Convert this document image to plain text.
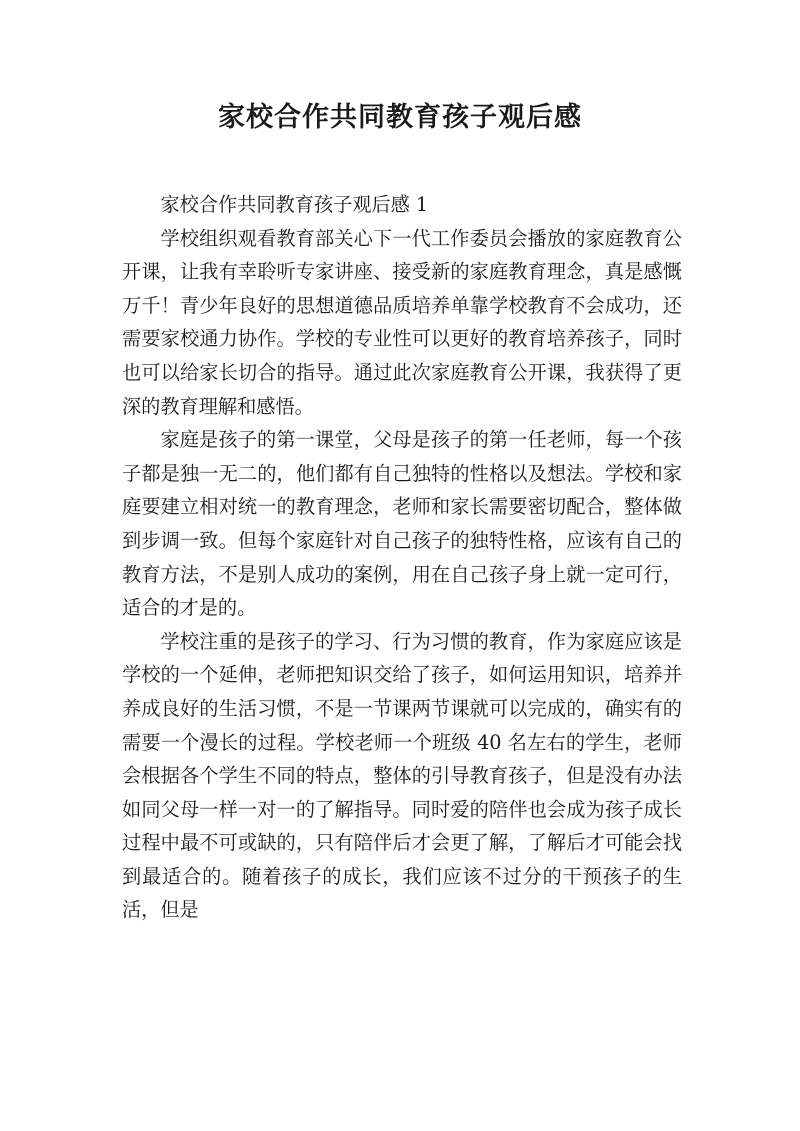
家校合作共同教育孩子观后感

家校合作共同教育孩子观后感 1

学校组织观看教育部关心下一代工作委员会播放的家庭教育公开课，让我有幸聆听专家讲座、接受新的家庭教育理念，真是感慨万千！青少年良好的思想道德品质培养单靠学校教育不会成功，还需要家校通力协作。学校的专业性可以更好的教育培养孩子，同时也可以给家长切合的指导。通过此次家庭教育公开课，我获得了更深的教育理解和感悟。

家庭是孩子的第一课堂，父母是孩子的第一任老师，每一个孩子都是独一无二的，他们都有自己独特的性格以及想法。学校和家庭要建立相对统一的教育理念，老师和家长需要密切配合，整体做到步调一致。但每个家庭针对自己孩子的独特性格，应该有自己的教育方法，不是别人成功的案例，用在自己孩子身上就一定可行，适合的才是的。

学校注重的是孩子的学习、行为习惯的教育，作为家庭应该是学校的一个延伸，老师把知识交给了孩子，如何运用知识，培养并养成良好的生活习惯，不是一节课两节课就可以完成的，确实有的需要一个漫长的过程。学校老师一个班级 40 名左右的学生，老师会根据各个学生不同的特点，整体的引导教育孩子，但是没有办法如同父母一样一对一的了解指导。同时爱的陪伴也会成为孩子成长过程中最不可或缺的，只有陪伴后才会更了解，了解后才可能会找到最适合的。随着孩子的成长，我们应该不过分的干预孩子的生活，但是
